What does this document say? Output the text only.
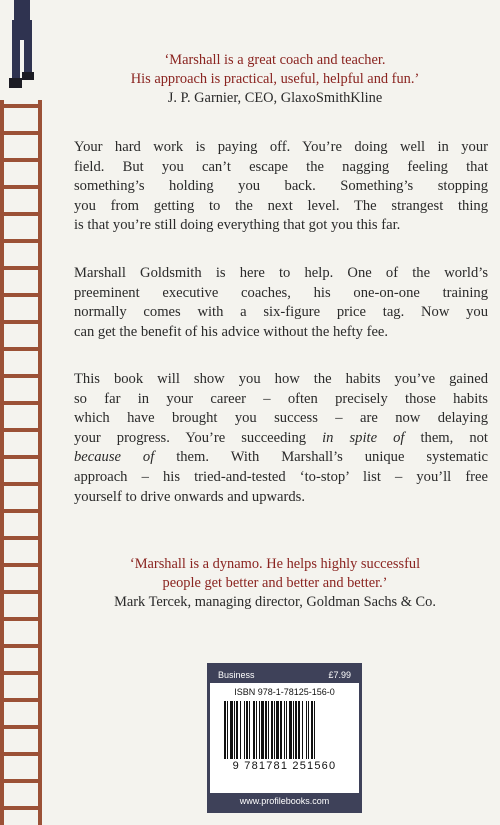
‘Marshall is a great coach and teacher.
His approach is practical, useful, helpful and fun.’
J. P. Garnier, CEO, GlaxoSmithKline
Your hard work is paying off. You’re doing well in your
field. But you can’t escape the nagging feeling that
something’s holding you back. Something’s stopping
you from getting to the next level. The strangest thing
is that you’re still doing everything that got you this far.
Marshall Goldsmith is here to help. One of the world’s
preeminent executive coaches, his one-on-one training
normally comes with a six-figure price tag. Now you
can get the benefit of his advice without the hefty fee.
This book will show you how the habits you’ve gained
so far in your career – often precisely those habits
which have brought you success – are now delaying
your progress. You’re succeeding in spite of them, not
because of them. With Marshall’s unique systematic
approach – his tried-and-tested ‘to-stop’ list – you’ll free
yourself to drive onwards and upwards.
‘Marshall is a dynamo. He helps highly successful
people get better and better and better.’
Mark Tercek, managing director, Goldman Sachs & Co.
Business	£7.99
ISBN 978-1-78125-156-0
9 781781 251560
www.profilebooks.com
